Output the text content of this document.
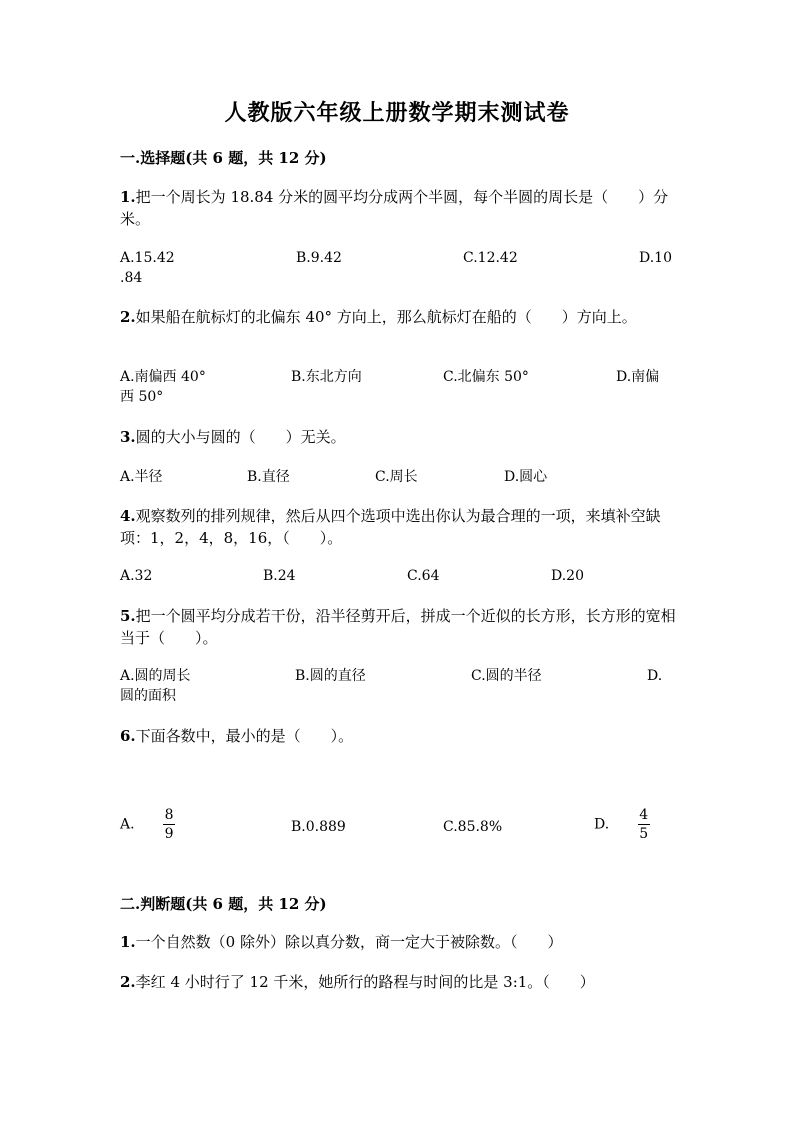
人教版六年级上册数学期末测试卷
一.选择题(共 6 题，共 12 分)
1.把一个周长为 18.84 分米的圆平均分成两个半圆，每个半圆的周长是（　　）分米。
A.15.42	B.9.42	C.12.42	D.10
.84
2.如果船在航标灯的北偏东 40° 方向上，那么航标灯在船的（　　）方向上。
A.南偏西 40°	B.东北方向	C.北偏东 50°	D.南偏
西 50°
3.圆的大小与圆的（　　）无关。
A.半径	B.直径	C.周长	D.圆心
4.观察数列的排列规律，然后从四个选项中选出你认为最合理的一项，来填补空缺项：1，2，4，8，16，（　　）。
A.32	B.24	C.64	D.20
5.把一个圆平均分成若干份，沿半径剪开后，拼成一个近似的长方形，长方形的宽相当于（　　）。
A.圆的周长	B.圆的直径	C.圆的半径	D.
圆的面积
6.下面各数中，最小的是（　　）。
A. $\frac{8}{9}$	B.0.889	C.85.8%	D. $\frac{4}{5}$
二.判断题(共 6 题，共 12 分)
1.一个自然数（0 除外）除以真分数，商一定大于被除数。（　　）
2.李红 4 小时行了 12 千米，她所行的路程与时间的比是 3:1。（　　）
